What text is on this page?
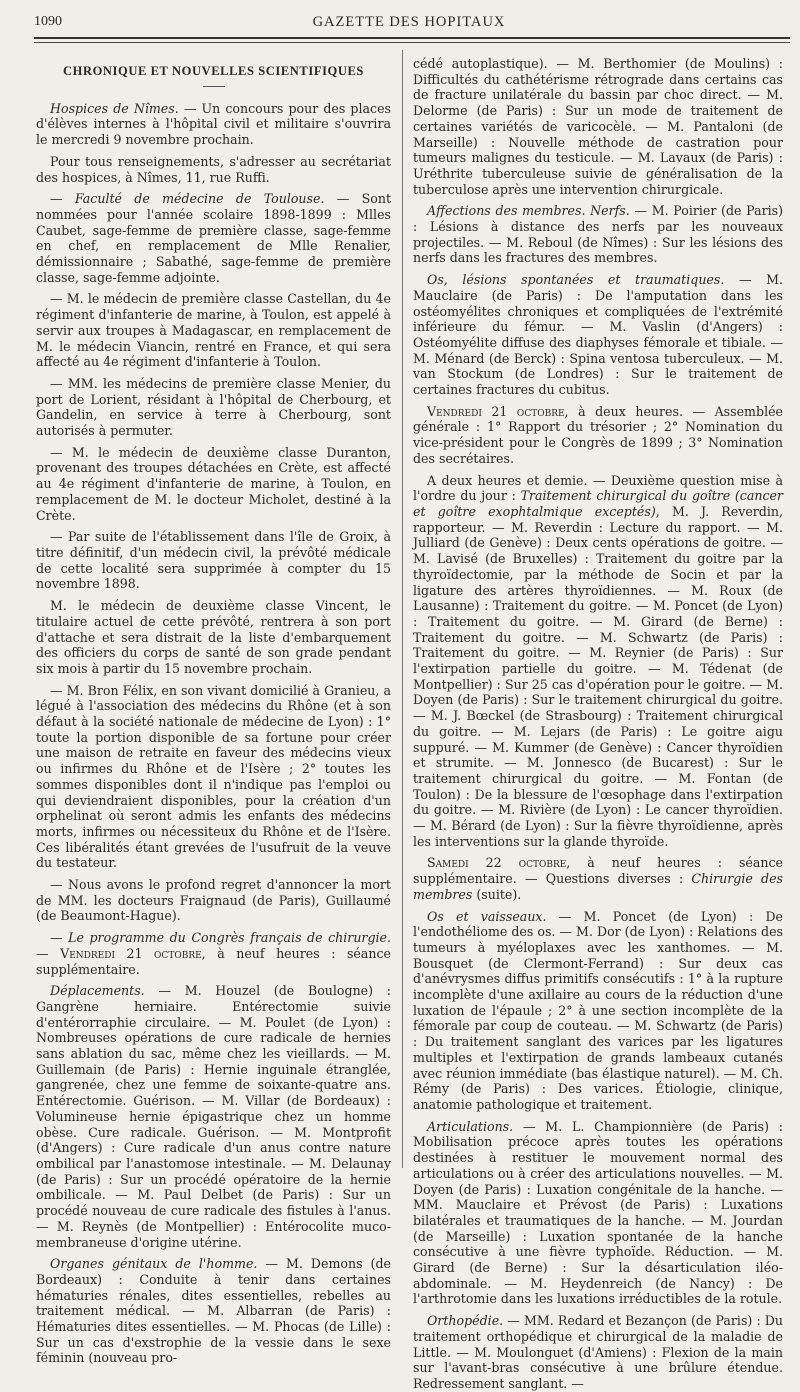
1090	GAZETTE DES HOPITAUX
CHRONIQUE ET NOUVELLES SCIENTIFIQUES

Hospices de Nîmes. — Un concours pour des places d'élèves internes à l'hôpital civil et militaire s'ouvrira le mercredi 9 novembre prochain.

Pour tous renseignements, s'adresser au secrétariat des hospices, à Nîmes, 11, rue Ruffi.

— Faculté de médecine de Toulouse. — Sont nommées pour l'année scolaire 1898-1899 : Mlles Caubet, sage-femme de première classe, sage-femme en chef, en remplacement de Mlle Renalier, démissionnaire ; Sabathé, sage-femme de première classe, sage-femme adjointe.

— M. le médecin de première classe Castellan, du 4e régiment d'infanterie de marine, à Toulon, est appelé à servir aux troupes à Madagascar, en remplacement de M. le médecin Viancin, rentré en France, et qui sera affecté au 4e régiment d'infanterie à Toulon.

— MM. les médecins de première classe Menier, du port de Lorient, résidant à l'hôpital de Cherbourg, et Gandelin, en service à terre à Cherbourg, sont autorisés à permuter.

— M. le médecin de deuxième classe Duranton, provenant des troupes détachées en Crète, est affecté au 4e régiment d'infanterie de marine, à Toulon, en remplacement de M. le docteur Micholet, destiné à la Crète.

— Par suite de l'établissement dans l'île de Groix, à titre définitif, d'un médecin civil, la prévôté médicale de cette localité sera supprimée à compter du 15 novembre 1898.

M. le médecin de deuxième classe Vincent, le titulaire actuel de cette prévôté, rentrera à son port d'attache et sera distrait de la liste d'embarquement des officiers du corps de santé de son grade pendant six mois à partir du 15 novembre prochain.

— M. Bron Félix, en son vivant domicilié à Granieu, a légué à l'association des médecins du Rhône (et à son défaut à la société nationale de médecine de Lyon) : 1° toute la portion disponible de sa fortune pour créer une maison de retraite en faveur des médecins vieux ou infirmes du Rhône et de l'Isère ; 2° toutes les sommes disponibles dont il n'indique pas l'emploi ou qui deviendraient disponibles, pour la création d'un orphelinat où seront admis les enfants des médecins morts, infirmes ou nécessiteux du Rhône et de l'Isère. Ces libéralités étant grevées de l'usufruit de la veuve du testateur.

— Nous avons le profond regret d'annoncer la mort de MM. les docteurs Fraignaud (de Paris), Guillaumé (de Beaumont-Hague).

— Le programme du Congrès français de chirurgie. — Vendredi 21 octobre, à neuf heures : séance supplémentaire.

Déplacements. — M. Houzel (de Boulogne) : Gangrène herniaire. Entérectomie suivie d'entérorraphie circulaire. — M. Poulet (de Lyon) : Nombreuses opérations de cure radicale de hernies sans ablation du sac, même chez les vieillards. — M. Guillemain (de Paris) : Hernie inguinale étranglée, gangrenée, chez une femme de soixante-quatre ans. Entérectomie. Guérison. — M. Villar (de Bordeaux) : Volumineuse hernie épigastrique chez un homme obèse. Cure radicale. Guérison. — M. Montprofit (d'Angers) : Cure radicale d'un anus contre nature ombilical par l'anastomose intestinale. — M. Delaunay (de Paris) : Sur un procédé opératoire de la hernie ombilicale. — M. Paul Delbet (de Paris) : Sur un procédé nouveau de cure radicale des fistules à l'anus. — M. Reynès (de Montpellier) : Entérocolite muco-membraneuse d'origine utérine.

Organes génitaux de l'homme. — M. Demons (de Bordeaux) : Conduite à tenir dans certaines hématuries rénales, dites essentielles, rebelles au traitement médical. — M. Albarran (de Paris) : Hématuries dites essentielles. — M. Phocas (de Lille) : Sur un cas d'exstrophie de la vessie dans le sexe féminin (nouveau pro-

cédé autoplastique). — M. Berthomier (de Moulins) : Difficultés du cathétérisme rétrograde dans certains cas de fracture unilatérale du bassin par choc direct. — M. Delorme (de Paris) : Sur un mode de traitement de certaines variétés de varicocèle. — M. Pantaloni (de Marseille) : Nouvelle méthode de castration pour tumeurs malignes du testicule. — M. Lavaux (de Paris) : Uréthrite tuberculeuse suivie de généralisation de la tuberculose après une intervention chirurgicale.

Affections des membres. Nerfs. — M. Poirier (de Paris) : Lésions à distance des nerfs par les nouveaux projectiles. — M. Reboul (de Nîmes) : Sur les lésions des nerfs dans les fractures des membres.

Os, lésions spontanées et traumatiques. — M. Mauclaire (de Paris) : De l'amputation dans les ostéomyélites chroniques et compliquées de l'extrémité inférieure du fémur. — M. Vaslin (d'Angers) : Ostéomyélite diffuse des diaphyses fémorale et tibiale. — M. Ménard (de Berck) : Spina ventosa tuberculeux. — M. van Stockum (de Londres) : Sur le traitement de certaines fractures du cubitus.

Vendredi 21 octobre, à deux heures. — Assemblée générale : 1° Rapport du trésorier ; 2° Nomination du vice-président pour le Congrès de 1899 ; 3° Nomination des secrétaires.

A deux heures et demie. — Deuxième question mise à l'ordre du jour : Traitement chirurgical du goître (cancer et goître exophtalmique exceptés), M. J. Reverdin, rapporteur. — M. Reverdin : Lecture du rapport. — M. Julliard (de Genève) : Deux cents opérations de goitre. — M. Lavisé (de Bruxelles) : Traitement du goitre par la thyroïdectomie, par la méthode de Socin et par la ligature des artères thyroïdiennes. — M. Roux (de Lausanne) : Traitement du goitre. — M. Poncet (de Lyon) : Traitement du goitre. — M. Girard (de Berne) : Traitement du goitre. — M. Schwartz (de Paris) : Traitement du goitre. — M. Reynier (de Paris) : Sur l'extirpation partielle du goitre. — M. Tédenat (de Montpellier) : Sur 25 cas d'opération pour le goitre. — M. Doyen (de Paris) : Sur le traitement chirurgical du goitre. — M. J. Bœckel (de Strasbourg) : Traitement chirurgical du goitre. — M. Lejars (de Paris) : Le goitre aigu suppuré. — M. Kummer (de Genève) : Cancer thyroïdien et strumite. — M. Jonnesco (de Bucarest) : Sur le traitement chirurgical du goitre. — M. Fontan (de Toulon) : De la blessure de l'œsophage dans l'extirpation du goitre. — M. Rivière (de Lyon) : Le cancer thyroïdien. — M. Bérard (de Lyon) : Sur la fièvre thyroïdienne, après les interventions sur la glande thyroïde.

Samedi 22 octobre, à neuf heures : séance supplémentaire. — Questions diverses : Chirurgie des membres (suite).

Os et vaisseaux. — M. Poncet (de Lyon) : De l'endothéliome des os. — M. Dor (de Lyon) : Relations des tumeurs à myéloplaxes avec les xanthomes. — M. Bousquet (de Clermont-Ferrand) : Sur deux cas d'anévrysmes diffus primitifs consécutifs : 1° à la rupture incomplète d'une axillaire au cours de la réduction d'une luxation de l'épaule ; 2° à une section incomplète de la fémorale par coup de couteau. — M. Schwartz (de Paris) : Du traitement sanglant des varices par les ligatures multiples et l'extirpation de grands lambeaux cutanés avec réunion immédiate (bas élastique naturel). — M. Ch. Rémy (de Paris) : Des varices. Étiologie, clinique, anatomie pathologique et traitement.

Articulations. — M. L. Championnière (de Paris) : Mobilisation précoce après toutes les opérations destinées à restituer le mouvement normal des articulations ou à créer des articulations nouvelles. — M. Doyen (de Paris) : Luxation congénitale de la hanche. — MM. Mauclaire et Prévost (de Paris) : Luxations bilatérales et traumatiques de la hanche. — M. Jourdan (de Marseille) : Luxation spontanée de la hanche consécutive à une fièvre typhoïde. Réduction. — M. Girard (de Berne) : Sur la désarticulation iléo-abdominale. — M. Heydenreich (de Nancy) : De l'arthrotomie dans les luxations irréductibles de la rotule.

Orthopédie. — MM. Redard et Bezançon (de Paris) : Du traitement orthopédique et chirurgical de la maladie de Little. — M. Moulonguet (d'Amiens) : Flexion de la main sur l'avant-bras consécutive à une brûlure étendue. Redressement sanglant. —
